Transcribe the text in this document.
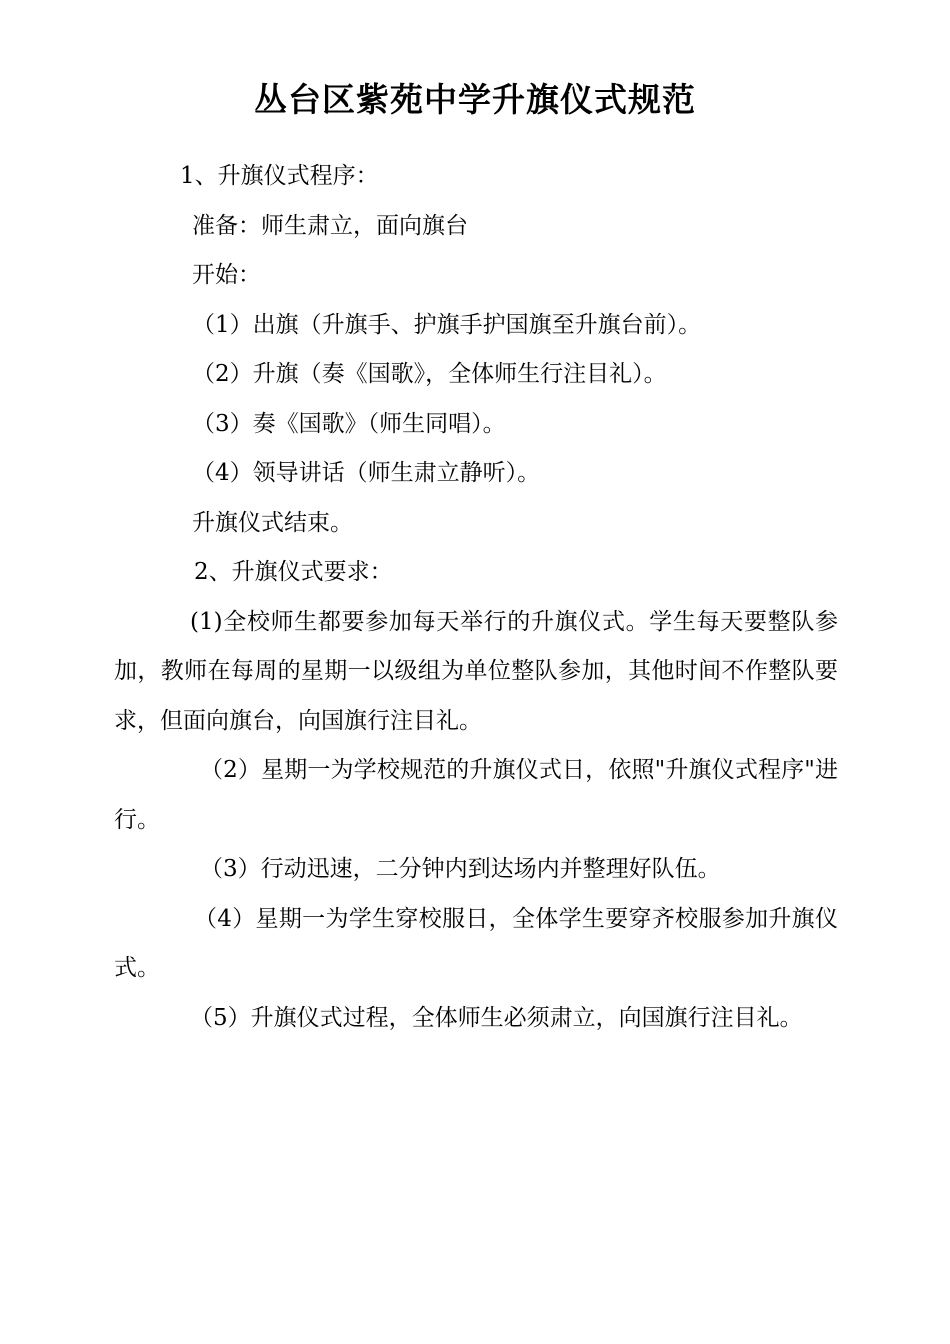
丛台区紫苑中学升旗仪式规范

1、升旗仪式程序：

准备：师生肃立，面向旗台

开始：

（1）出旗（升旗手、护旗手护国旗至升旗台前）。

（2）升旗（奏《国歌》，全体师生行注目礼）。

（3）奏《国歌》（师生同唱）。

（4）领导讲话（师生肃立静听）。

升旗仪式结束。

2、升旗仪式要求：

(1)全校师生都要参加每天举行的升旗仪式。学生每天要整队参加，教师在每周的星期一以级组为单位整队参加，其他时间不作整队要求，但面向旗台，向国旗行注目礼。

（2）星期一为学校规范的升旗仪式日，依照"升旗仪式程序"进行。

（3）行动迅速，二分钟内到达场内并整理好队伍。

（4）星期一为学生穿校服日，全体学生要穿齐校服参加升旗仪式。

（5）升旗仪式过程，全体师生必须肃立，向国旗行注目礼。
